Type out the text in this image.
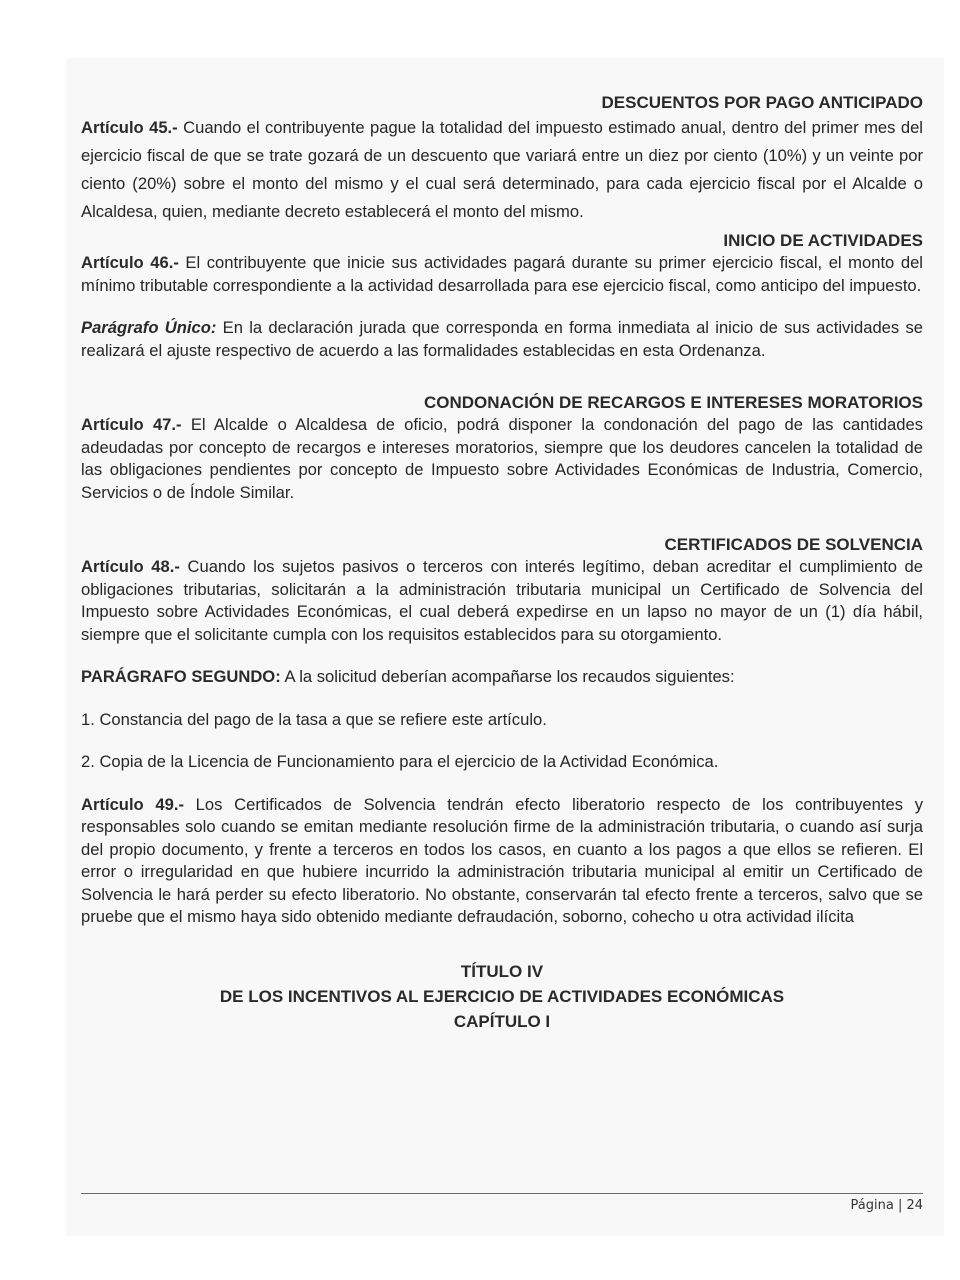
DESCUENTOS POR PAGO ANTICIPADO

Artículo 45.- Cuando el contribuyente pague la totalidad del impuesto estimado anual, dentro del primer mes del ejercicio fiscal de que se trate gozará de un descuento que variará entre un diez por ciento (10%) y un veinte por ciento (20%) sobre el monto del mismo y el cual será determinado, para cada ejercicio fiscal por el Alcalde o Alcaldesa, quien, mediante decreto establecerá el monto del mismo.

INICIO DE ACTIVIDADES

Artículo 46.- El contribuyente que inicie sus actividades pagará durante su primer ejercicio fiscal, el monto del mínimo tributable correspondiente a la actividad desarrollada para ese ejercicio fiscal, como anticipo del impuesto.

Parágrafo Único: En la declaración jurada que corresponda en forma inmediata al inicio de sus actividades se realizará el ajuste respectivo de acuerdo a las formalidades establecidas en esta Ordenanza.

CONDONACIÓN DE RECARGOS E INTERESES MORATORIOS

Artículo 47.- El Alcalde o Alcaldesa de oficio, podrá disponer la condonación del pago de las cantidades adeudadas por concepto de recargos e intereses moratorios, siempre que los deudores cancelen la totalidad de las obligaciones pendientes por concepto de Impuesto sobre Actividades Económicas de Industria, Comercio, Servicios o de Índole Similar.

CERTIFICADOS DE SOLVENCIA

Artículo 48.- Cuando los sujetos pasivos o terceros con interés legítimo, deban acreditar el cumplimiento de obligaciones tributarias, solicitarán a la administración tributaria municipal un Certificado de Solvencia del Impuesto sobre Actividades Económicas, el cual deberá expedirse en un lapso no mayor de un (1) día hábil, siempre que el solicitante cumpla con los requisitos establecidos para su otorgamiento.

PARÁGRAFO SEGUNDO: A la solicitud deberían acompañarse los recaudos siguientes:

1. Constancia del pago de la tasa a que se refiere este artículo.

2. Copia de la Licencia de Funcionamiento para el ejercicio de la Actividad Económica.

Artículo 49.- Los Certificados de Solvencia tendrán efecto liberatorio respecto de los contribuyentes y responsables solo cuando se emitan mediante resolución firme de la administración tributaria, o cuando así surja del propio documento, y frente a terceros en todos los casos, en cuanto a los pagos a que ellos se refieren. El error o irregularidad en que hubiere incurrido la administración tributaria municipal al emitir un Certificado de Solvencia le hará perder su efecto liberatorio. No obstante, conservarán tal efecto frente a terceros, salvo que se pruebe que el mismo haya sido obtenido mediante defraudación, soborno, cohecho u otra actividad ilícita

TÍTULO IV
DE LOS INCENTIVOS AL EJERCICIO DE ACTIVIDADES ECONÓMICAS
CAPÍTULO I
Página | 24
